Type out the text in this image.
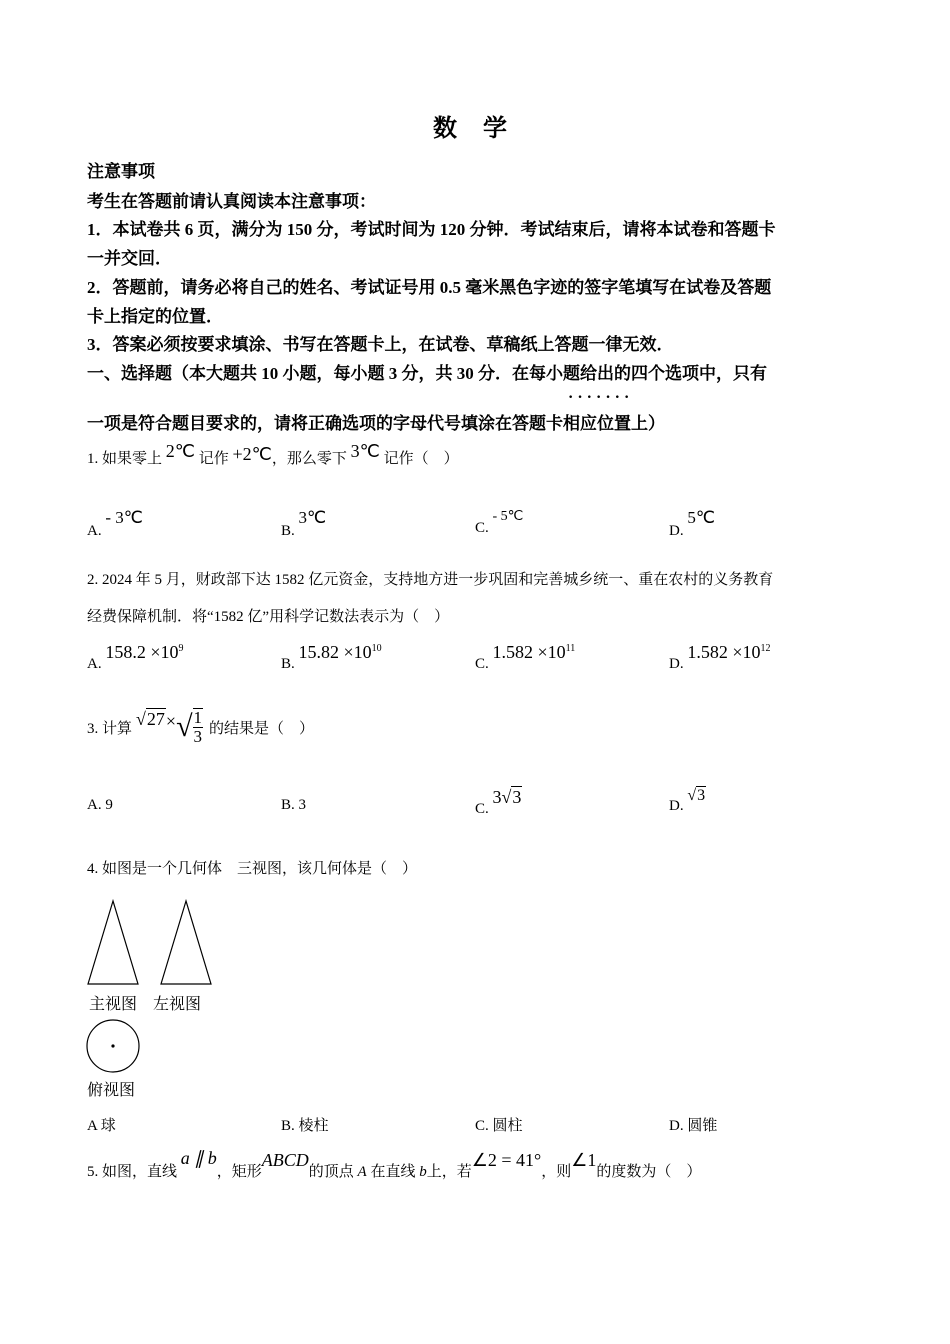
数 学
注意事项
考生在答题前请认真阅读本注意事项：
1．本试卷共 6 页，满分为 150 分，考试时间为 120 分钟．考试结束后，请将本试卷和答题卡
一并交回．
2．答题前，请务必将自己的姓名、考试证号用 0.5 毫米黑色字迹的签字笔填写在试卷及答题
卡上指定的位置．
3．答案必须按要求填涂、书写在答题卡上，在试卷、草稿纸上答题一律无效．
一、选择题（本大题共 10 小题，每小题 3 分，共 30 分．在每小题给出的四个选项中，只有
· · · · · · ·
一项是符合题目要求的，请将正确选项的字母代号填涂在答题卡相应位置上）
1. 如果零上 2℃ 记作 +2℃，那么零下 3℃ 记作（　）
A. - 3℃
B. 3℃
C. - 5℃
D. 5℃
2. 2024 年 5 月，财政部下达 1582 亿元资金，支持地方进一步巩固和完善城乡统一、重在农村的义务教育
经费保障机制．将“1582 亿”用科学记数法表示为（　）
A. $158.2 \times 10^9$
B. $15.82 \times 10^{10}$
C. $1.582 \times 10^{11}$
D. $1.582 \times 10^{12}$
3. 计算 √27 × √ $\frac{1}{3}$ 的结果是（　）
A. 9	B. 3	C. 3√3	D. √3
4. 如图是一个几何体　三视图，该几何体是（　）
主视图 左视图
俯视图
A 球	B. 棱柱	C. 圆柱	D. 圆锥
5. 如图，直线 a ∥ b，矩形ABCD的顶点 A 在直线 b上，若∠2 = 41°，则∠1的度数为（　）
